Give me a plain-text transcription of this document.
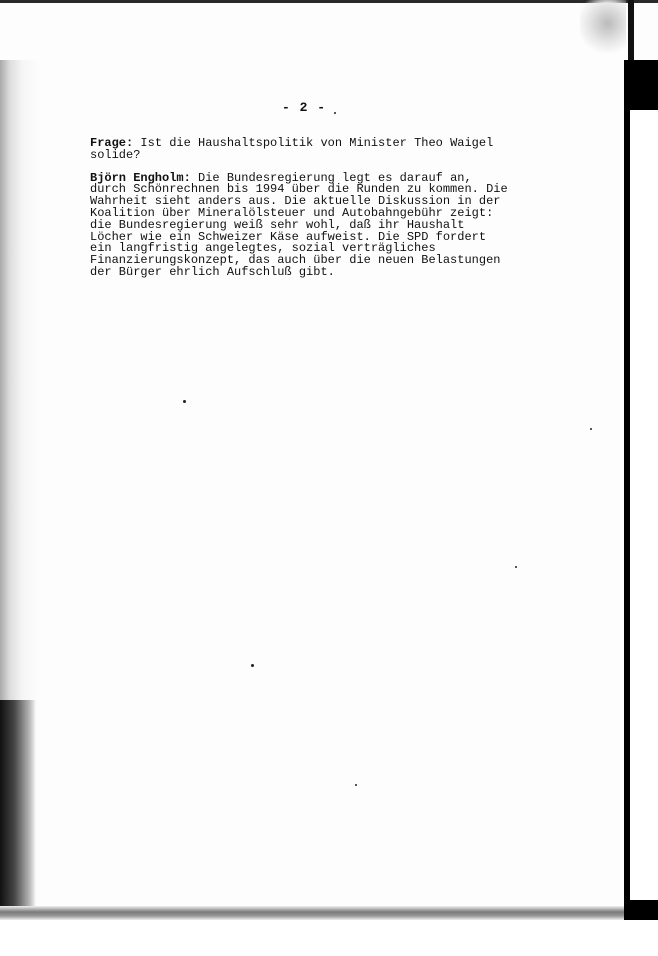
- 2 -

Frage: Ist die Haushaltspolitik von Minister Theo Waigel
solide?

Björn Engholm: Die Bundesregierung legt es darauf an,
durch Schönrechnen bis 1994 über die Runden zu kommen. Die
Wahrheit sieht anders aus. Die aktuelle Diskussion in der
Koalition über Mineralölsteuer und Autobahngebühr zeigt:
die Bundesregierung weiß sehr wohl, daß ihr Haushalt
Löcher wie ein Schweizer Käse aufweist. Die SPD fordert
ein langfristig angelegtes, sozial verträgliches
Finanzierungskonzept, das auch über die neuen Belastungen
der Bürger ehrlich Aufschluß gibt.
